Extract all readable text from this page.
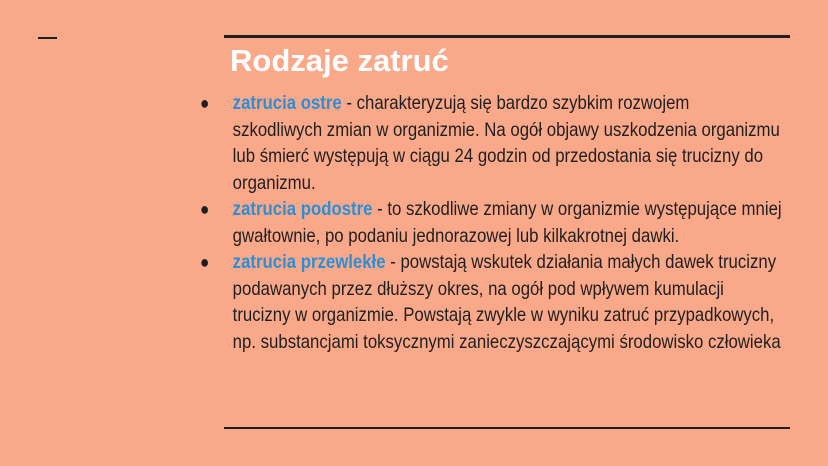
Rodzaje zatruć
● zatrucia ostre - charakteryzują się bardzo szybkim rozwojem szkodliwych zmian w organizmie. Na ogół objawy uszkodzenia organizmu lub śmierć występują w ciągu 24 godzin od przedostania się trucizny do organizmu.
● zatrucia podostre - to szkodliwe zmiany w organizmie występujące mniej gwałtownie, po podaniu jednorazowej lub kilkakrotnej dawki.
● zatrucia przewlekłe - powstają wskutek działania małych dawek trucizny podawanych przez dłuższy okres, na ogół pod wpływem kumulacji trucizny w organizmie. Powstają zwykle w wyniku zatruć przypadkowych, np. substancjami toksycznymi zanieczyszczającymi środowisko człowieka
